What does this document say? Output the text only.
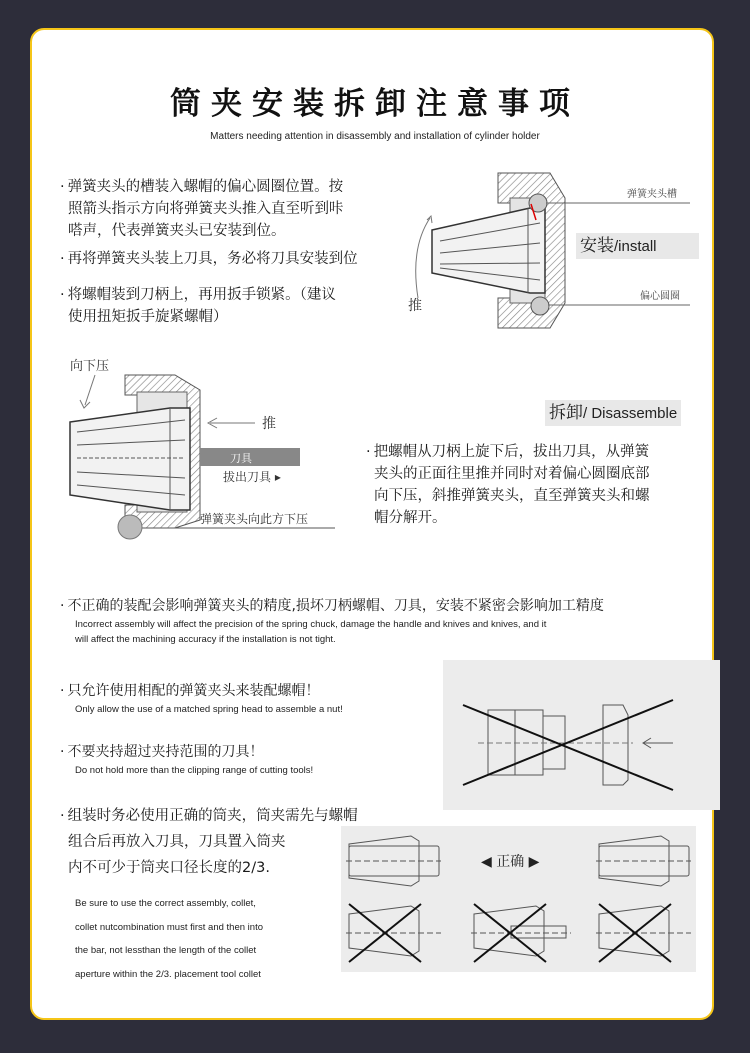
筒夹安装拆卸注意事项
Matters needing attention in disassembly and installation of cylinder holder
· 弹簧夹头的槽装入螺帽的偏心圆圈位置。按
照箭头指示方向将弹簧夹头推入直至听到咔
嗒声，代表弹簧夹头已安装到位。
· 再将弹簧夹头装上刀具，务必将刀具安装到位
· 将螺帽装到刀柄上，再用扳手锁紧。（建议
使用扭矩扳手旋紧螺帽）
弹簧夹头槽
偏心圆圈
推
安装/install
向下压
刀具
拔出刀具 ▸
推
弹簧夹头向此方下压
拆卸/ Disassemble
· 把螺帽从刀柄上旋下后，拔出刀具，从弹簧
夹头的正面往里推并同时对着偏心圆圈底部
向下压，斜推弹簧夹头，直至弹簧夹头和螺
帽分解开。
· 不正确的装配会影响弹簧夹头的精度,损坏刀柄螺帽、刀具，安装不紧密会影响加工精度
Incorrect assembly will affect the precision of the spring chuck, damage the handle and knives and knives, and it
will affect the machining accuracy if the installation is not tight.
· 只允许使用相配的弹簧夹头来装配螺帽！
Only allow the use of a matched spring head to assemble a nut!
· 不要夹持超过夹持范围的刀具！
Do not hold more than the clipping range of cutting tools!
· 组装时务必使用正确的筒夹，筒夹需先与螺帽
组合后再放入刀具，刀具置入筒夹
内不可少于筒夹口径长度的2/3.
Be sure to use the correct assembly, collet,
collet nutcombination must first and then into
the bar, not lessthan the length of the collet
aperture within the 2/3. placement tool collet
◀ 正确 ▶
